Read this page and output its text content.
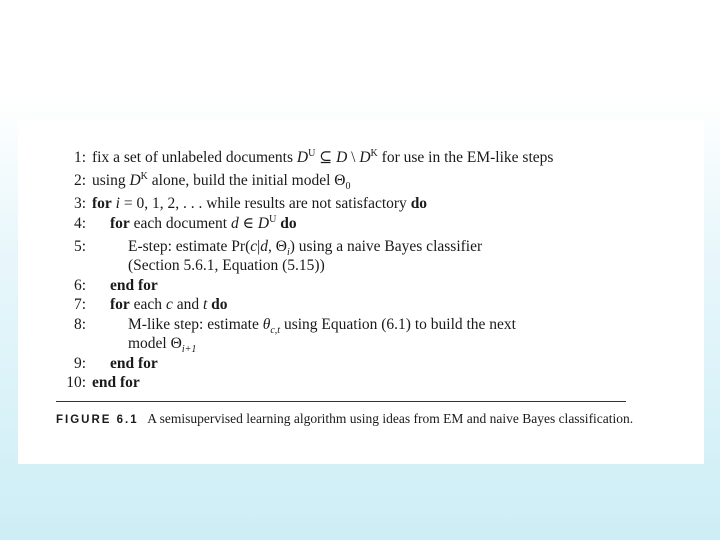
1: fix a set of unlabeled documents $D^U$ ⊆ D \ $D^K$ for use in the EM-like steps
2: using $D^K$ alone, build the initial model $\Theta_0$
3: for i = 0, 1, 2, . . . while results are not satisfactory do
4: for each document d ∈ $D^U$ do
5:	E-step: estimate Pr(c|d, $\Theta_i$) using a naive Bayes classifier
(Section 5.6.1, Equation (5.15))
6: end for
7: for each c and t do
8:	M-like step: estimate $\theta_{c,t}$ using Equation (6.1) to build the next
model $\Theta_{i+1}$
9: end for
10: end for
FIGURE 6.1 A semisupervised learning algorithm using ideas from EM and naive Bayes classification.
